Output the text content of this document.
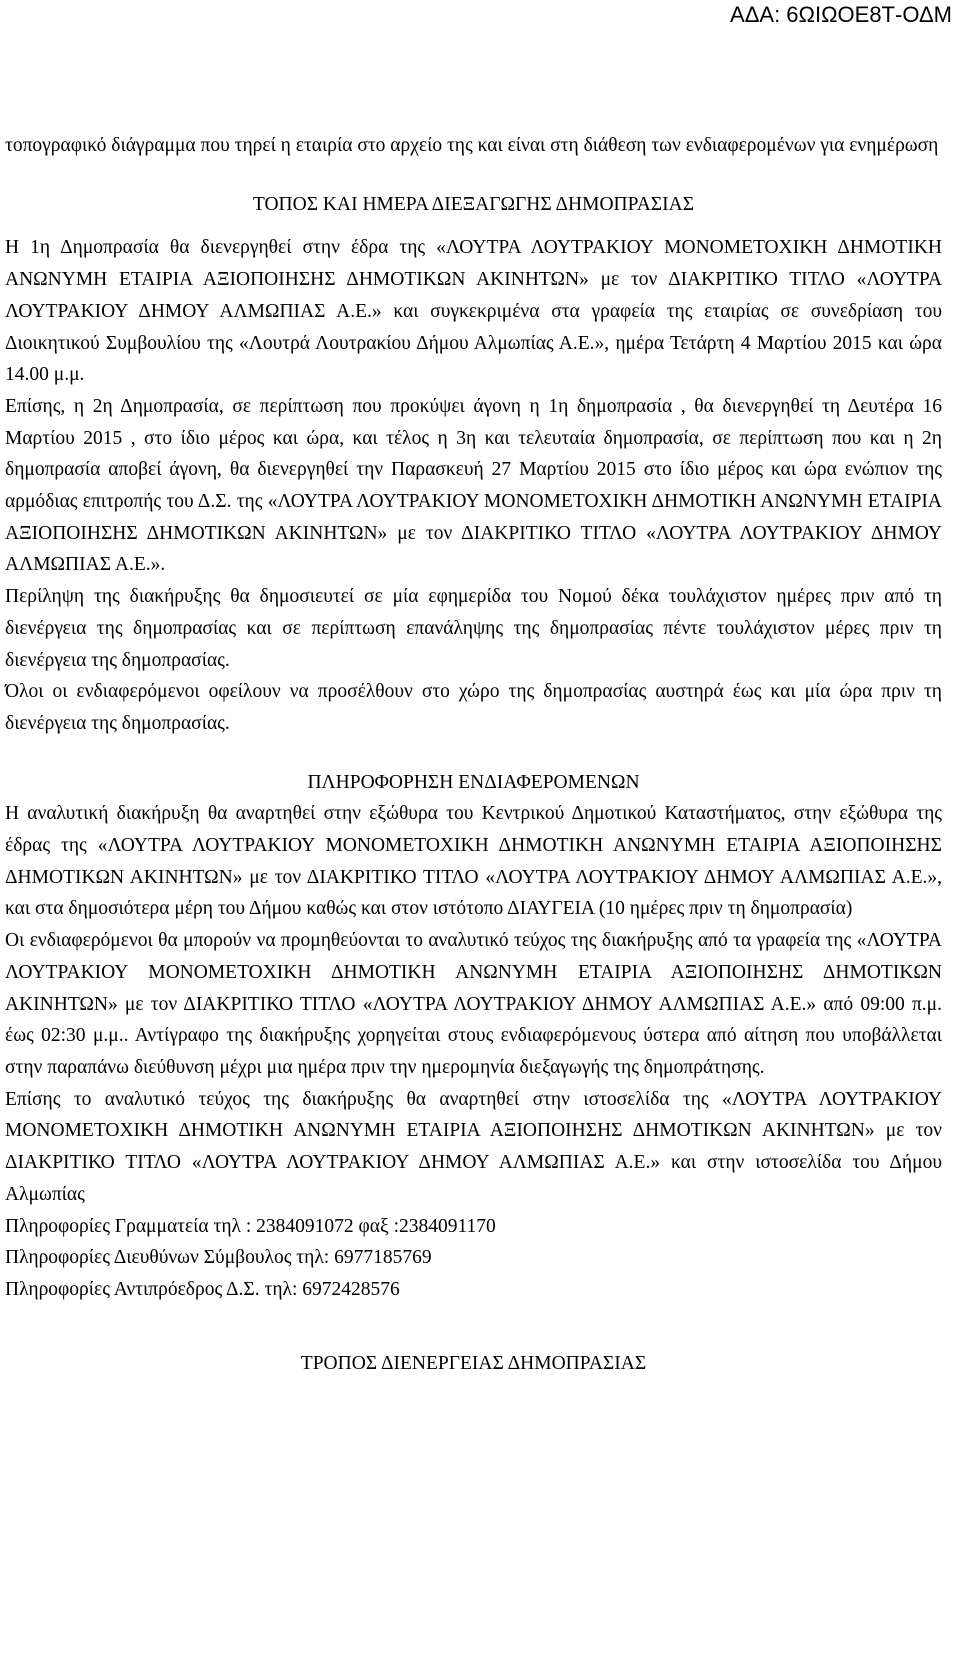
ΑΔΑ: 6ΩΙΩΟΕ8Τ-ΟΔΜ

τοπογραφικό διάγραμμα που τηρεί η εταιρία στο αρχείο της και είναι στη διάθεση των ενδιαφερομένων για ενημέρωση

ΤΟΠΟΣ ΚΑΙ ΗΜΕΡΑ ΔΙΕΞΑΓΩΓΗΣ ΔΗΜΟΠΡΑΣΙΑΣ

Η 1η Δημοπρασία θα διενεργηθεί στην έδρα της «ΛΟΥΤΡΑ ΛΟΥΤΡΑΚΙΟΥ ΜΟΝΟΜΕΤΟΧΙΚΗ ΔΗΜΟΤΙΚΗ ΑΝΩΝΥΜΗ ΕΤΑΙΡΙΑ ΑΞΙΟΠΟΙΗΣΗΣ ΔΗΜΟΤΙΚΩΝ ΑΚΙΝΗΤΩΝ» με τον ΔΙΑΚΡΙΤΙΚΟ ΤΙΤΛΟ «ΛΟΥΤΡΑ ΛΟΥΤΡΑΚΙΟΥ ΔΗΜΟΥ ΑΛΜΩΠΙΑΣ Α.Ε.» και συγκεκριμένα στα γραφεία της εταιρίας σε συνεδρίαση του Διοικητικού Συμβουλίου της «Λουτρά Λουτρακίου Δήμου Αλμωπίας Α.Ε.», ημέρα Τετάρτη 4 Μαρτίου 2015 και ώρα 14.00 μ.μ.

Επίσης, η 2η Δημοπρασία, σε περίπτωση που προκύψει άγονη η 1η δημοπρασία , θα διενεργηθεί τη Δευτέρα 16 Μαρτίου 2015 , στο ίδιο μέρος και ώρα, και τέλος η 3η και τελευταία δημοπρασία, σε περίπτωση που και η 2η δημοπρασία αποβεί άγονη, θα διενεργηθεί την Παρασκευή 27 Μαρτίου 2015 στο ίδιο μέρος και ώρα ενώπιον της αρμόδιας επιτροπής του Δ.Σ. της «ΛΟΥΤΡΑ ΛΟΥΤΡΑΚΙΟΥ ΜΟΝΟΜΕΤΟΧΙΚΗ ΔΗΜΟΤΙΚΗ ΑΝΩΝΥΜΗ ΕΤΑΙΡΙΑ ΑΞΙΟΠΟΙΗΣΗΣ ΔΗΜΟΤΙΚΩΝ ΑΚΙΝΗΤΩΝ» με τον ΔΙΑΚΡΙΤΙΚΟ ΤΙΤΛΟ «ΛΟΥΤΡΑ ΛΟΥΤΡΑΚΙΟΥ ΔΗΜΟΥ ΑΛΜΩΠΙΑΣ Α.Ε.».

Περίληψη της διακήρυξης θα δημοσιευτεί σε μία εφημερίδα του Νομού δέκα τουλάχιστον ημέρες πριν από τη διενέργεια της δημοπρασίας και σε περίπτωση επανάληψης της δημοπρασίας πέντε τουλάχιστον μέρες πριν τη διενέργεια της δημοπρασίας.

Όλοι οι ενδιαφερόμενοι οφείλουν να προσέλθουν στο χώρο της δημοπρασίας αυστηρά έως και μία ώρα πριν τη διενέργεια της δημοπρασίας.

ΠΛΗΡΟΦΟΡΗΣΗ ΕΝΔΙΑΦΕΡΟΜΕΝΩΝ

Η αναλυτική διακήρυξη θα αναρτηθεί στην εξώθυρα του Κεντρικού Δημοτικού Καταστήματος, στην εξώθυρα της έδρας της «ΛΟΥΤΡΑ ΛΟΥΤΡΑΚΙΟΥ ΜΟΝΟΜΕΤΟΧΙΚΗ ΔΗΜΟΤΙΚΗ ΑΝΩΝΥΜΗ ΕΤΑΙΡΙΑ ΑΞΙΟΠΟΙΗΣΗΣ ΔΗΜΟΤΙΚΩΝ ΑΚΙΝΗΤΩΝ» με τον ΔΙΑΚΡΙΤΙΚΟ ΤΙΤΛΟ «ΛΟΥΤΡΑ ΛΟΥΤΡΑΚΙΟΥ ΔΗΜΟΥ ΑΛΜΩΠΙΑΣ Α.Ε.», και στα δημοσιότερα μέρη του Δήμου καθώς και στον ιστότοπο ΔΙΑΥΓΕΙΑ (10 ημέρες πριν τη δημοπρασία)

Οι ενδιαφερόμενοι θα μπορούν να προμηθεύονται το αναλυτικό τεύχος της διακήρυξης από τα γραφεία της «ΛΟΥΤΡΑ ΛΟΥΤΡΑΚΙΟΥ ΜΟΝΟΜΕΤΟΧΙΚΗ ΔΗΜΟΤΙΚΗ ΑΝΩΝΥΜΗ ΕΤΑΙΡΙΑ ΑΞΙΟΠΟΙΗΣΗΣ ΔΗΜΟΤΙΚΩΝ ΑΚΙΝΗΤΩΝ» με τον ΔΙΑΚΡΙΤΙΚΟ ΤΙΤΛΟ «ΛΟΥΤΡΑ ΛΟΥΤΡΑΚΙΟΥ ΔΗΜΟΥ ΑΛΜΩΠΙΑΣ Α.Ε.» από 09:00 π.μ. έως 02:30 μ.μ.. Αντίγραφο της διακήρυξης χορηγείται στους ενδιαφερόμενους ύστερα από αίτηση που υποβάλλεται στην παραπάνω διεύθυνση μέχρι μια ημέρα πριν την ημερομηνία διεξαγωγής της δημοπράτησης.

Επίσης το αναλυτικό τεύχος της διακήρυξης θα αναρτηθεί στην ιστοσελίδα της «ΛΟΥΤΡΑ ΛΟΥΤΡΑΚΙΟΥ ΜΟΝΟΜΕΤΟΧΙΚΗ ΔΗΜΟΤΙΚΗ ΑΝΩΝΥΜΗ ΕΤΑΙΡΙΑ ΑΞΙΟΠΟΙΗΣΗΣ ΔΗΜΟΤΙΚΩΝ ΑΚΙΝΗΤΩΝ» με τον ΔΙΑΚΡΙΤΙΚΟ ΤΙΤΛΟ «ΛΟΥΤΡΑ ΛΟΥΤΡΑΚΙΟΥ ΔΗΜΟΥ ΑΛΜΩΠΙΑΣ Α.Ε.» και στην ιστοσελίδα του Δήμου Αλμωπίας

Πληροφορίες Γραμματεία τηλ : 2384091072 φαξ :2384091170

Πληροφορίες Διευθύνων Σύμβουλος τηλ: 6977185769

Πληροφορίες Αντιπρόεδρος Δ.Σ. τηλ: 6972428576

ΤΡΟΠΟΣ ΔΙΕΝΕΡΓΕΙΑΣ ΔΗΜΟΠΡΑΣΙΑΣ
